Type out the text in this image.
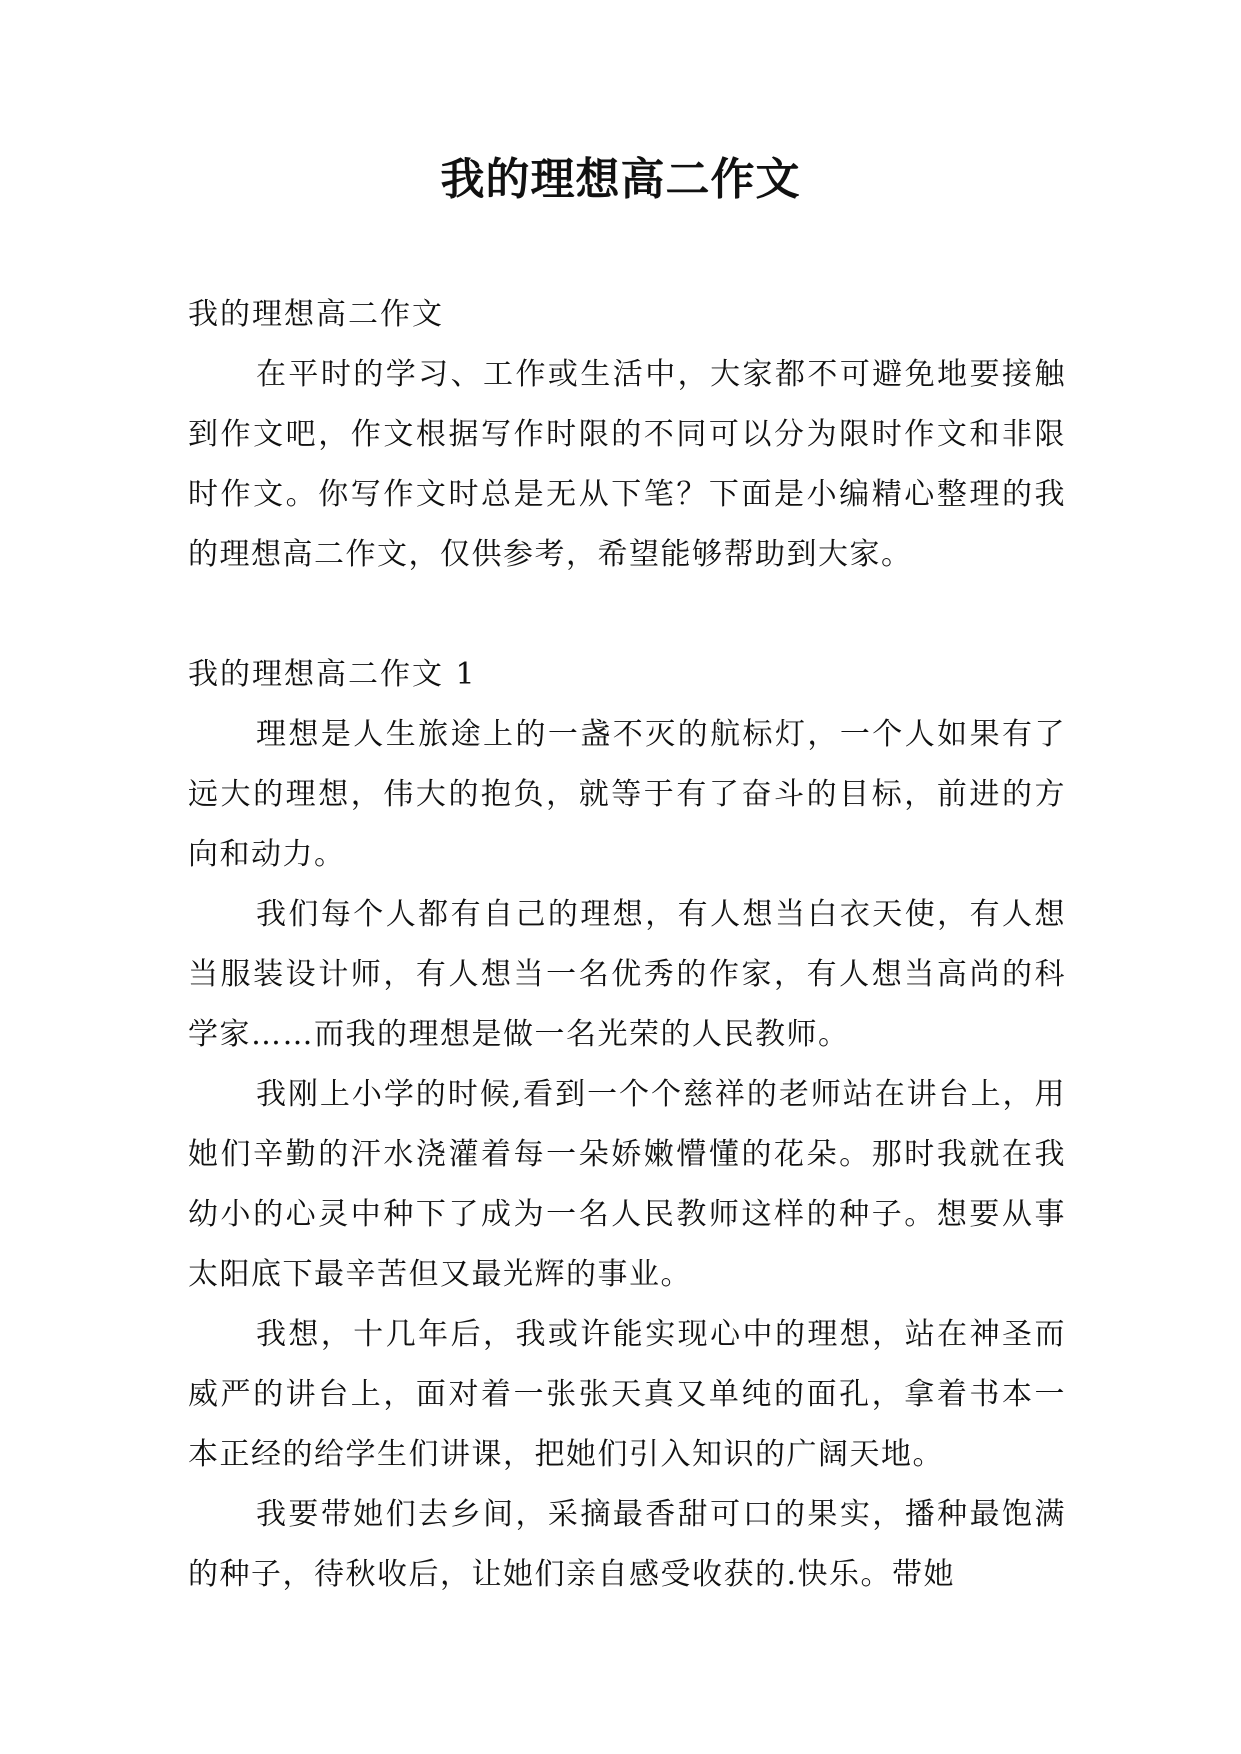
我的理想高二作文

我的理想高二作文

在平时的学习、工作或生活中，大家都不可避免地要接触到作文吧，作文根据写作时限的不同可以分为限时作文和非限时作文。你写作文时总是无从下笔？下面是小编精心整理的我的理想高二作文，仅供参考，希望能够帮助到大家。

我的理想高二作文 1

理想是人生旅途上的一盏不灭的航标灯，一个人如果有了远大的理想，伟大的抱负，就等于有了奋斗的目标，前进的方向和动力。

我们每个人都有自己的理想，有人想当白衣天使，有人想当服装设计师，有人想当一名优秀的作家，有人想当高尚的科学家……而我的理想是做一名光荣的人民教师。

我刚上小学的时候,看到一个个慈祥的老师站在讲台上，用她们辛勤的汗水浇灌着每一朵娇嫩懵懂的花朵。那时我就在我幼小的心灵中种下了成为一名人民教师这样的种子。想要从事太阳底下最辛苦但又最光辉的事业。

我想，十几年后，我或许能实现心中的理想，站在神圣而威严的讲台上，面对着一张张天真又单纯的面孔，拿着书本一本正经的给学生们讲课，把她们引入知识的广阔天地。

我要带她们去乡间，采摘最香甜可口的果实，播种最饱满的种子，待秋收后，让她们亲自感受收获的.快乐。带她
